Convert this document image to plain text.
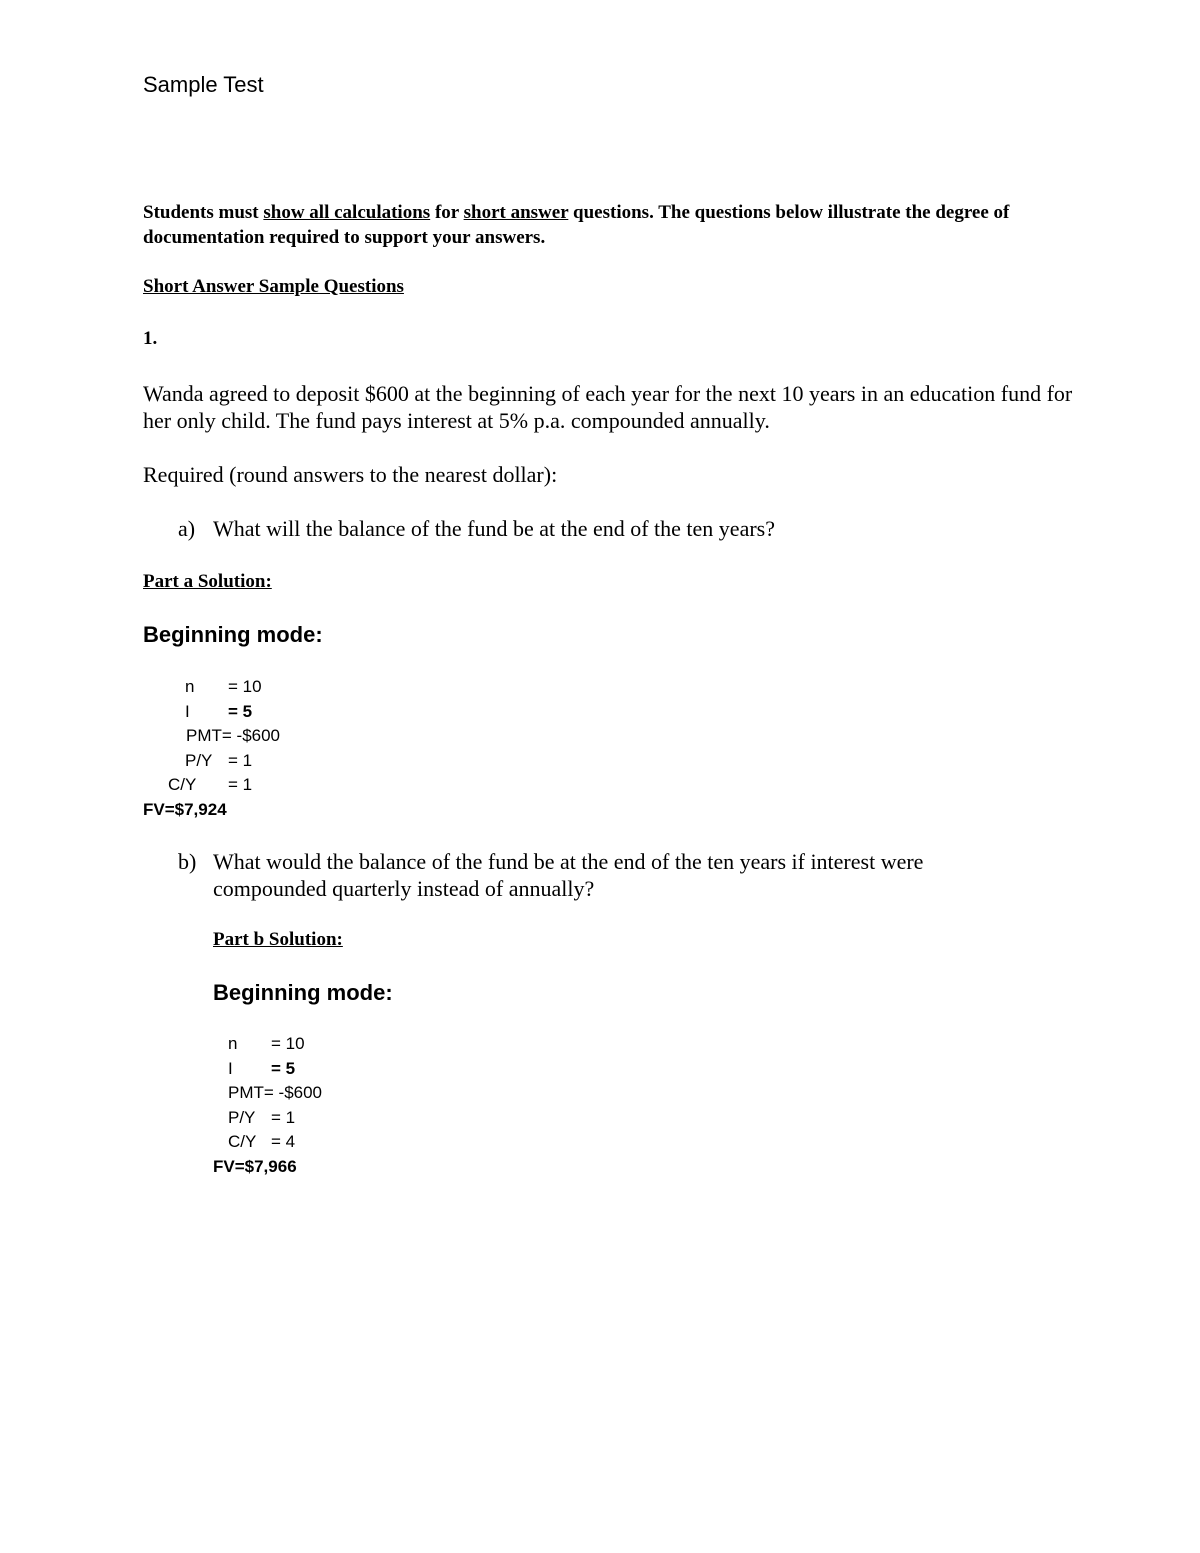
Sample Test
Students must show all calculations for short answer questions. The questions below illustrate the degree of documentation required to support your answers.
Short Answer Sample Questions
1.
Wanda agreed to deposit $600 at the beginning of each year for the next 10 years in an education fund for her only child. The fund pays interest at 5% p.a. compounded annually.
Required (round answers to the nearest dollar):
a) What will the balance of the fund be at the end of the ten years?
Part a Solution:
Beginning mode:
n = 10
I = 5
PMT= -$600
P/Y = 1
C/Y = 1
FV=$7,924
b) What would the balance of the fund be at the end of the ten years if interest were
compounded quarterly instead of annually?
Part b Solution:
Beginning mode:
n = 10
I = 5
PMT= -$600
P/Y = 1
C/Y = 4
FV=$7,966
